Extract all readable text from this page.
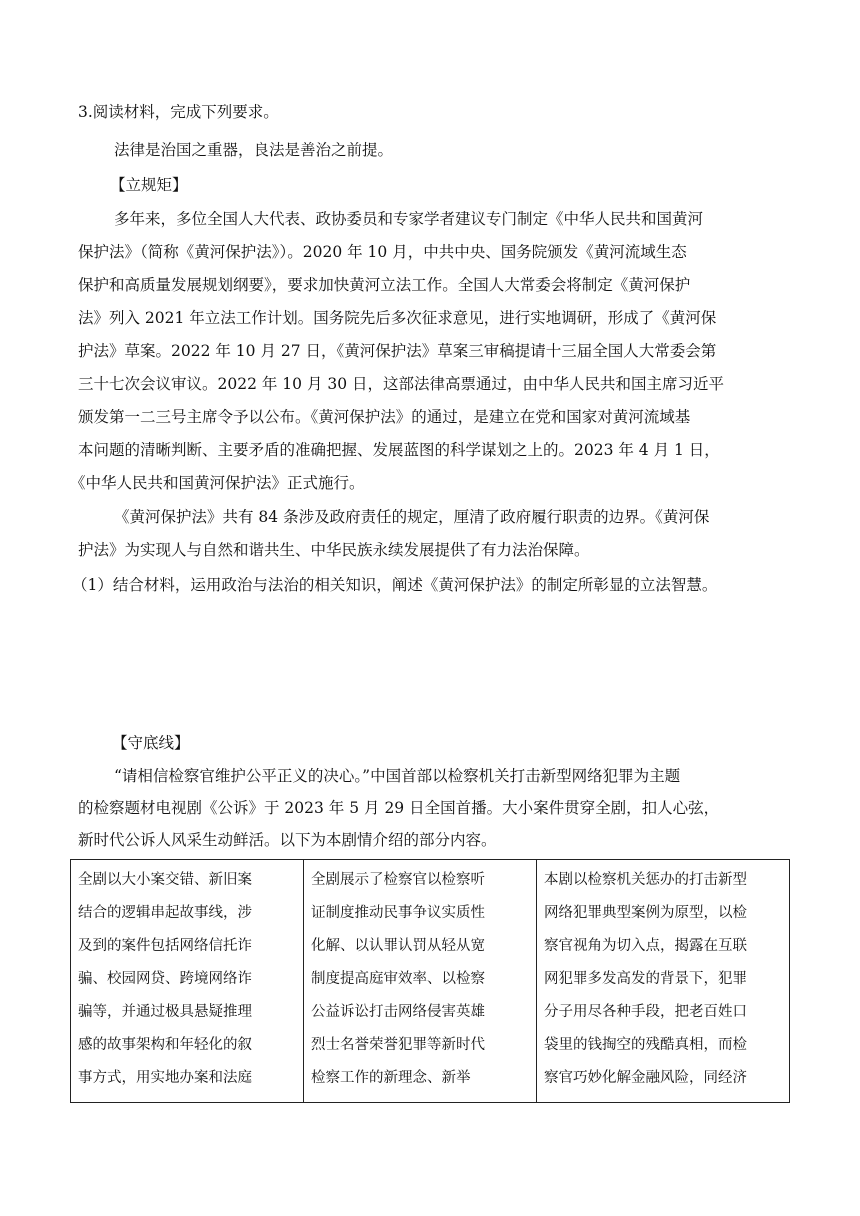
3.阅读材料，完成下列要求。

法律是治国之重器，良法是善治之前提。

【立规矩】

多年来，多位全国人大代表、政协委员和专家学者建议专门制定《中华人民共和国黄河

保护法》（简称《黄河保护法》）。2020 年 10 月，中共中央、国务院颁发《黄河流域生态

保护和高质量发展规划纲要》，要求加快黄河立法工作。全国人大常委会将制定《黄河保护

法》列入 2021 年立法工作计划。国务院先后多次征求意见，进行实地调研，形成了《黄河保

护法》草案。2022 年 10 月 27 日，《黄河保护法》草案三审稿提请十三届全国人大常委会第

三十七次会议审议。2022 年 10 月 30 日，这部法律高票通过，由中华人民共和国主席习近平

颁发第一二三号主席令予以公布。《黄河保护法》的通过，是建立在党和国家对黄河流域基

本问题的清晰判断、主要矛盾的准确把握、发展蓝图的科学谋划之上的。2023 年 4 月 1 日，

《中华人民共和国黄河保护法》正式施行。

《黄河保护法》共有 84 条涉及政府责任的规定，厘清了政府履行职责的边界。《黄河保

护法》为实现人与自然和谐共生、中华民族永续发展提供了有力法治保障。

（1）结合材料，运用政治与法治的相关知识，阐述《黄河保护法》的制定所彰显的立法智慧。

【守底线】

“请相信检察官维护公平正义的决心。”中国首部以检察机关打击新型网络犯罪为主题

的检察题材电视剧《公诉》于 2023 年 5 月 29 日全国首播。大小案件贯穿全剧，扣人心弦，

新时代公诉人风采生动鲜活。以下为本剧情介绍的部分内容。

全剧以大小案交错、新旧案
结合的逻辑串起故事线，涉
及到的案件包括网络信托诈
骗、校园网贷、跨境网络诈
骗等，并通过极具悬疑推理
感的故事架构和年轻化的叙
事方式，用实地办案和法庭
全剧展示了检察官以检察听
证制度推动民事争议实质性
化解、以认罪认罚从轻从宽
制度提高庭审效率、以检察
公益诉讼打击网络侵害英雄
烈士名誉荣誉犯罪等新时代
检察工作的新理念、新举
本剧以检察机关惩办的打击新型
网络犯罪典型案例为原型，以检
察官视角为切入点，揭露在互联
网犯罪多发高发的背景下，犯罪
分子用尽各种手段，把老百姓口
袋里的钱掏空的残酷真相，而检
察官巧妙化解金融风险，同经济
